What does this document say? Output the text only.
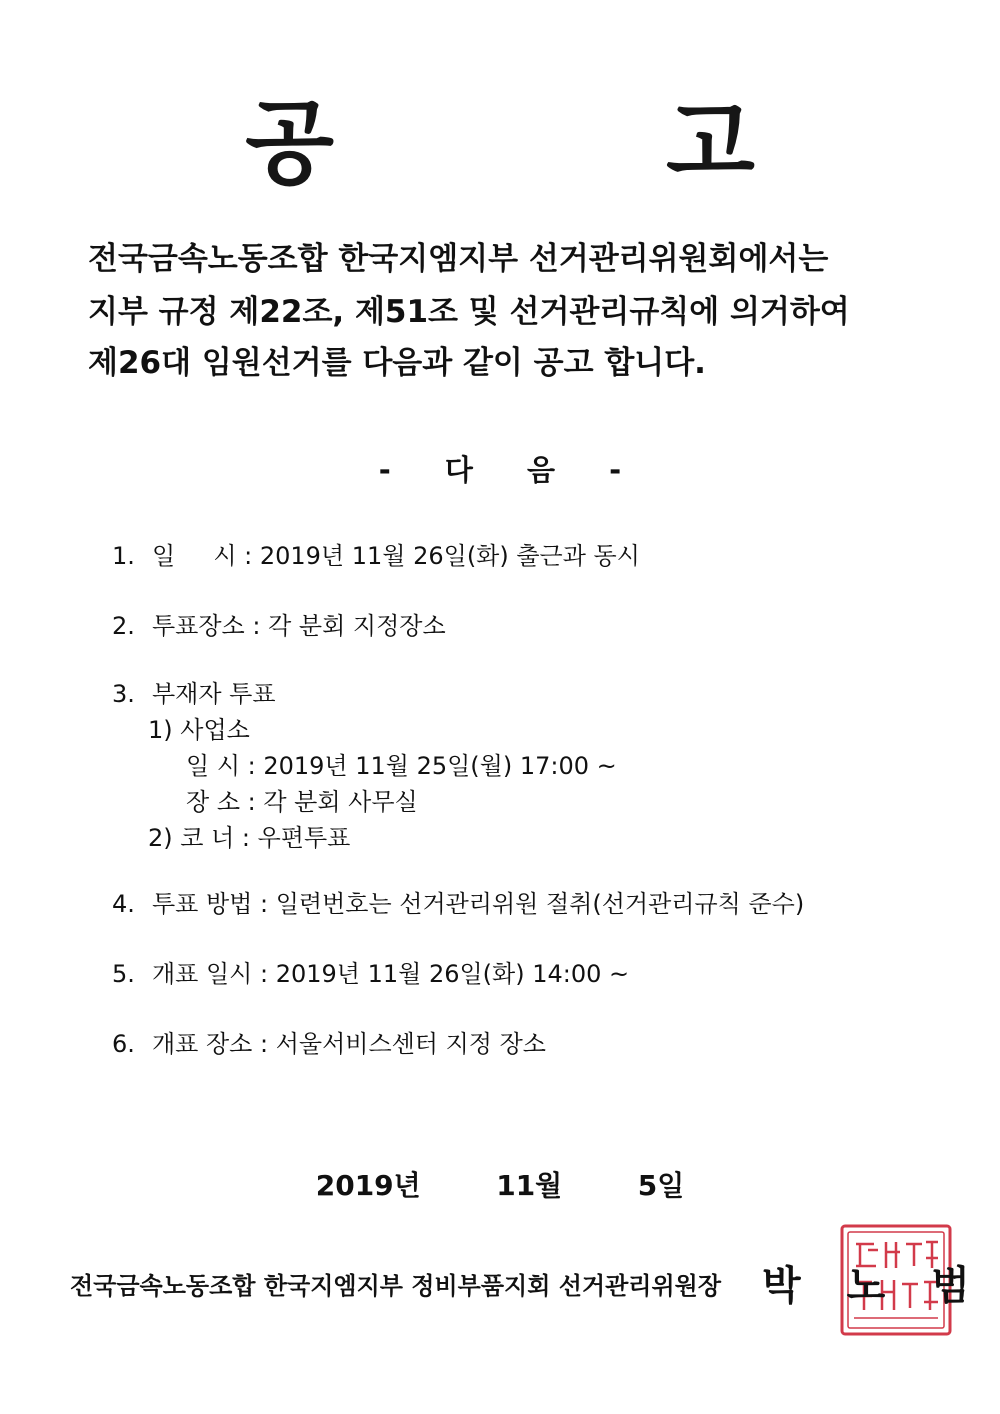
공 고
전국금속노동조합 한국지엠지부 선거관리위원회에서는
지부 규정 제22조, 제51조 및 선거관리규칙에 의거하여
제26대 임원선거를 다음과 같이 공고 합니다.
- 다 음 -
1. 일     시 : 2019년 11월 26일(화) 출근과 동시
2. 투표장소 : 각 분회 지정장소
3. 부재자 투표
1) 사업소
일 시 : 2019년 11월 25일(월) 17:00 ~
장 소 : 각 분회 사무실
2) 코 너 : 우편투표
4. 투표 방법 : 일련번호는 선거관리위원 절취(선거관리규칙 준수)
5. 개표 일시 : 2019년 11월 26일(화) 14:00 ~
6. 개표 장소 : 서울서비스센터 지정 장소
2019년  11월  5일
전국금속노동조합 한국지엠지부 정비부품지회 선거관리위원장 박 노 범
